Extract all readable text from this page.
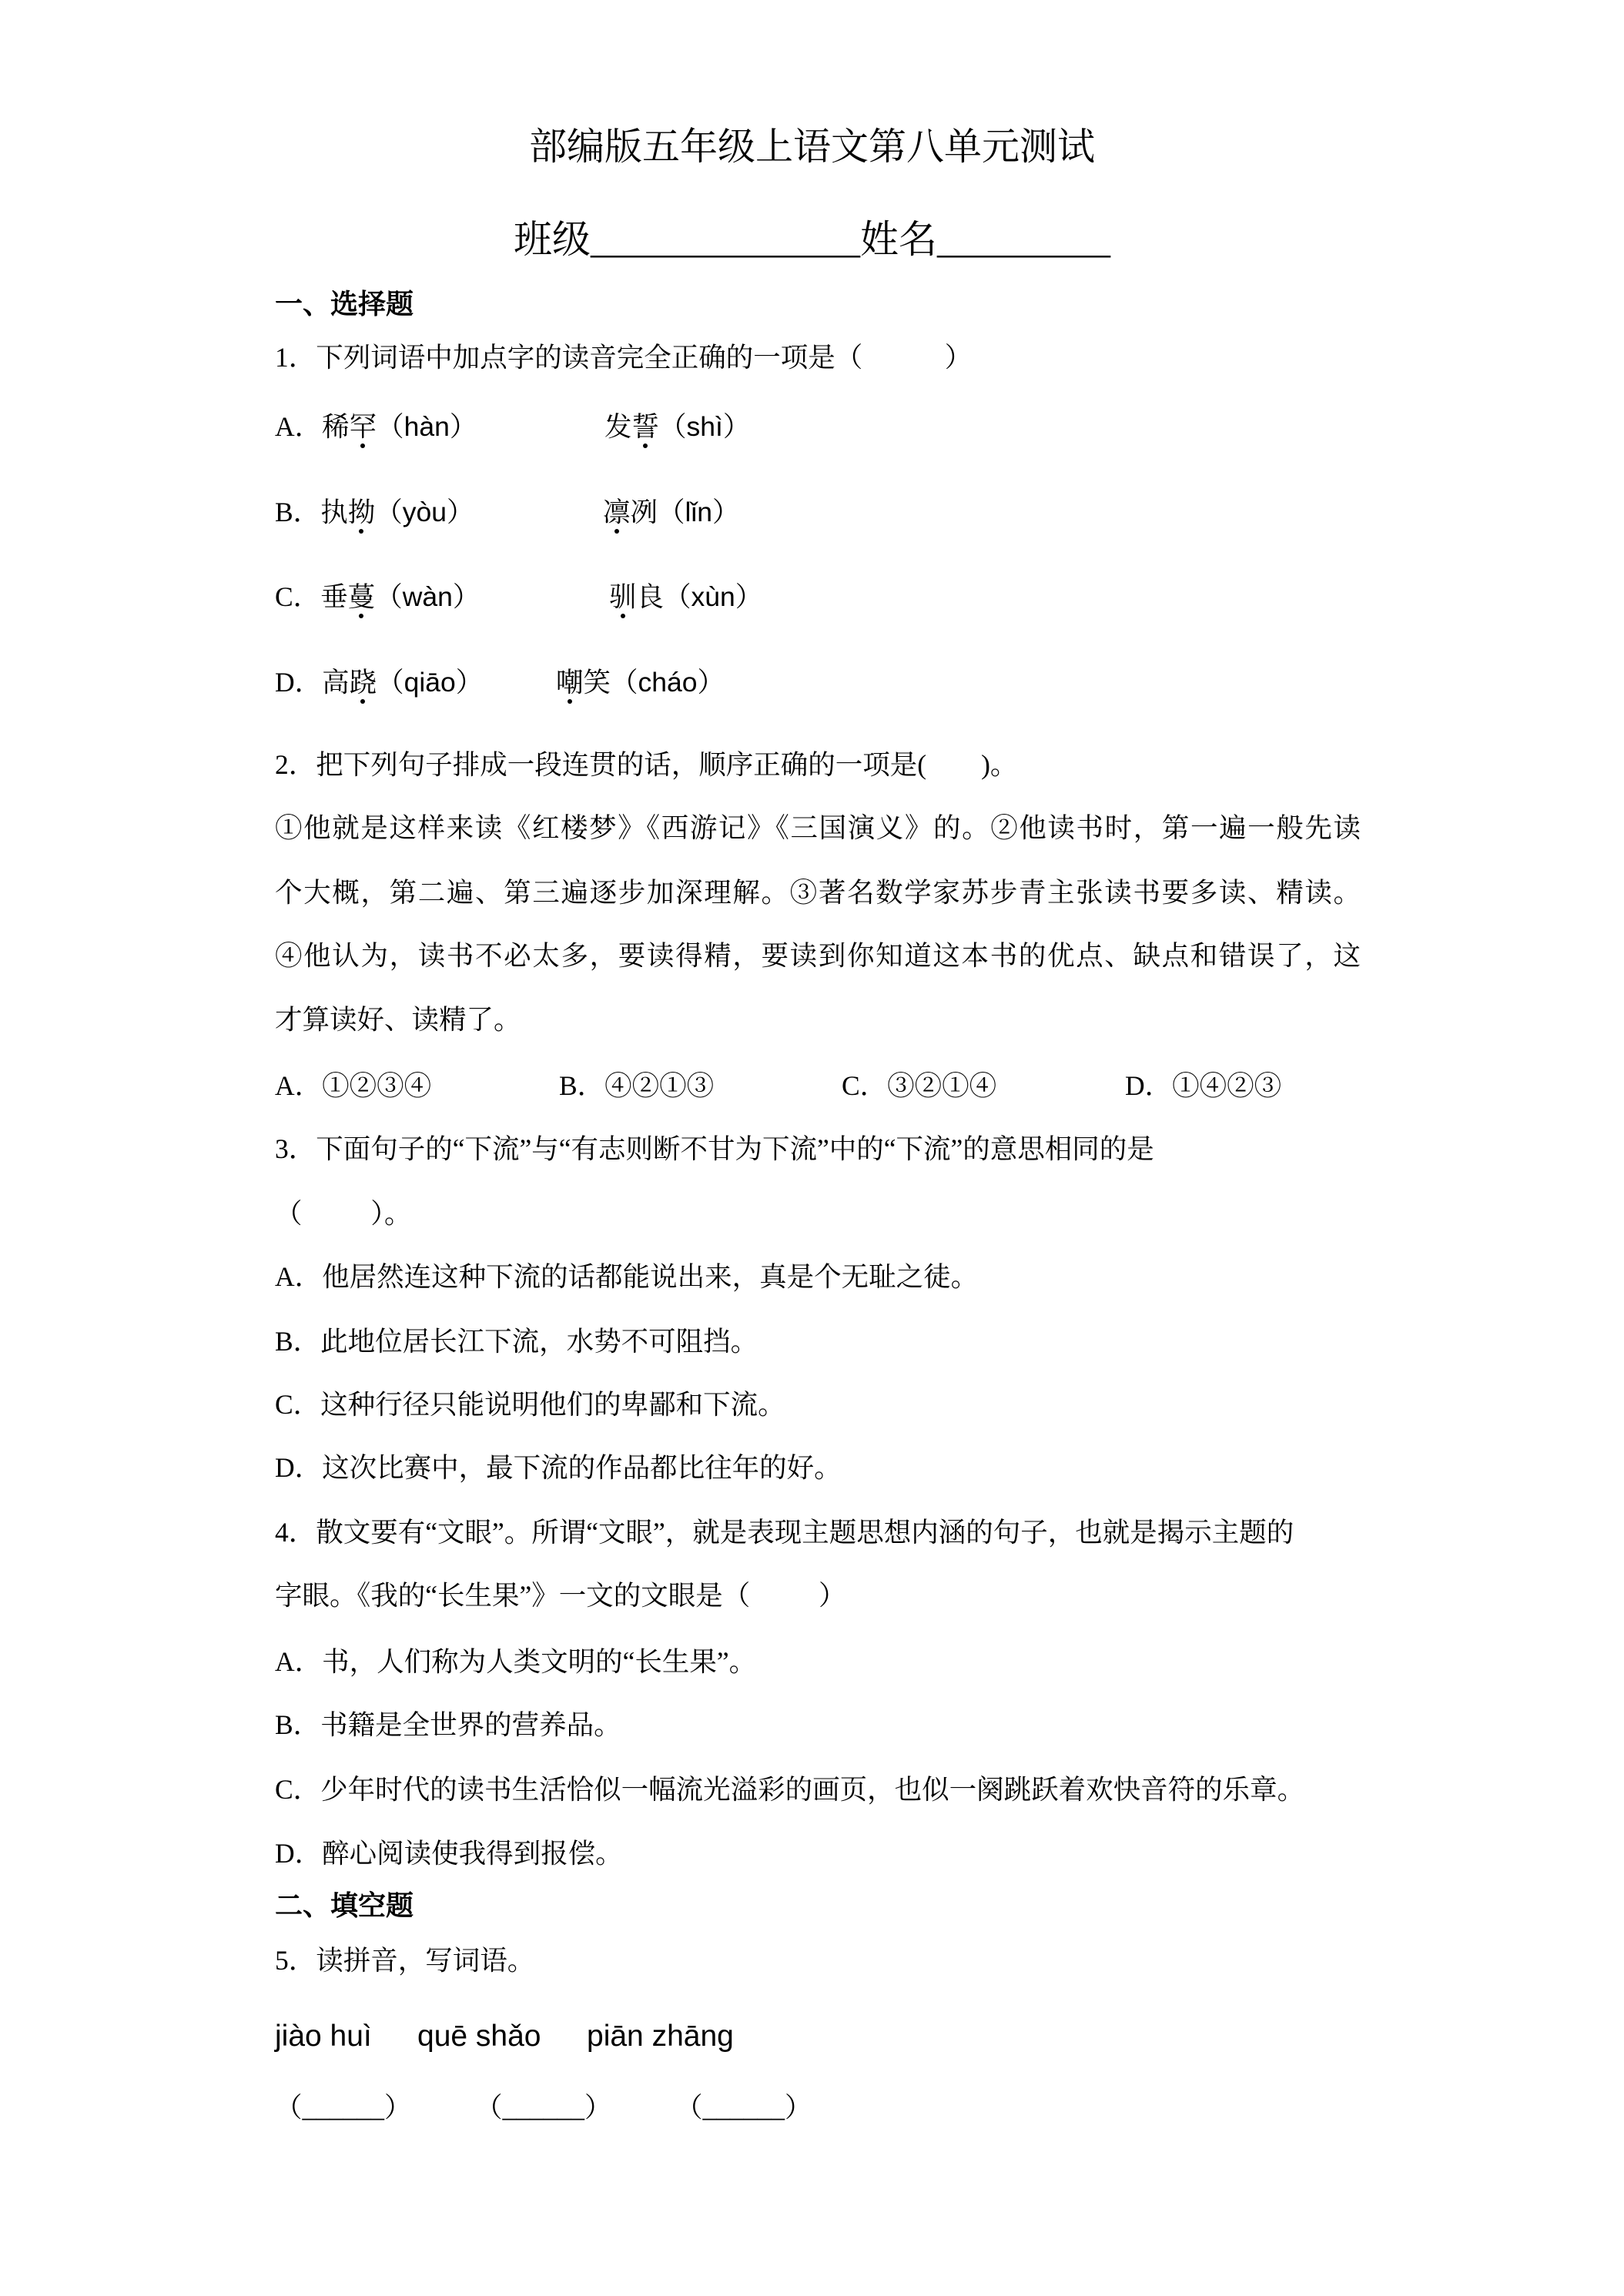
部编版五年级上语文第八单元测试
班级______________姓名_________
一、选择题
1．下列词语中加点字的读音完全正确的一项是（            ）
A．稀罕（hàn）	发誓（shì）
B．执拗（yòu）	凛冽（lǐn）
C．垂蔓（wàn）	驯良（xùn）
D．高跷（qiāo）	嘲笑（cháo）
2．把下列句子排成一段连贯的话，顺序正确的一项是(        )。
①他就是这样来读《红楼梦》《西游记》《三国演义》的。②他读书时，第一遍一般先读
个大概，第二遍、第三遍逐步加深理解。③著名数学家苏步青主张读书要多读、精读。
④他认为，读书不必太多，要读得精，要读到你知道这本书的优点、缺点和错误了，这
才算读好、读精了。
A．①②③④	B．④②①③	C．③②①④	D．①④②③
3．下面句子的“下流”与“有志则断不甘为下流”中的“下流”的意思相同的是
（          ）。
A．他居然连这种下流的话都能说出来，真是个无耻之徒。
B．此地位居长江下流，水势不可阻挡。
C．这种行径只能说明他们的卑鄙和下流。
D．这次比赛中，最下流的作品都比往年的好。
4．散文要有“文眼”。所谓“文眼”，就是表现主题思想内涵的句子，也就是揭示主题的
字眼。《我的“长生果”》一文的文眼是（          ）
A．书，人们称为人类文明的“长生果”。
B．书籍是全世界的营养品。
C．少年时代的读书生活恰似一幅流光溢彩的画页，也似一阕跳跃着欢快音符的乐章。
D．醉心阅读使我得到报偿。
二、填空题
5．读拼音，写词语。
jiào huì quē shǎo piān zhāng
（______） （______） （______）
